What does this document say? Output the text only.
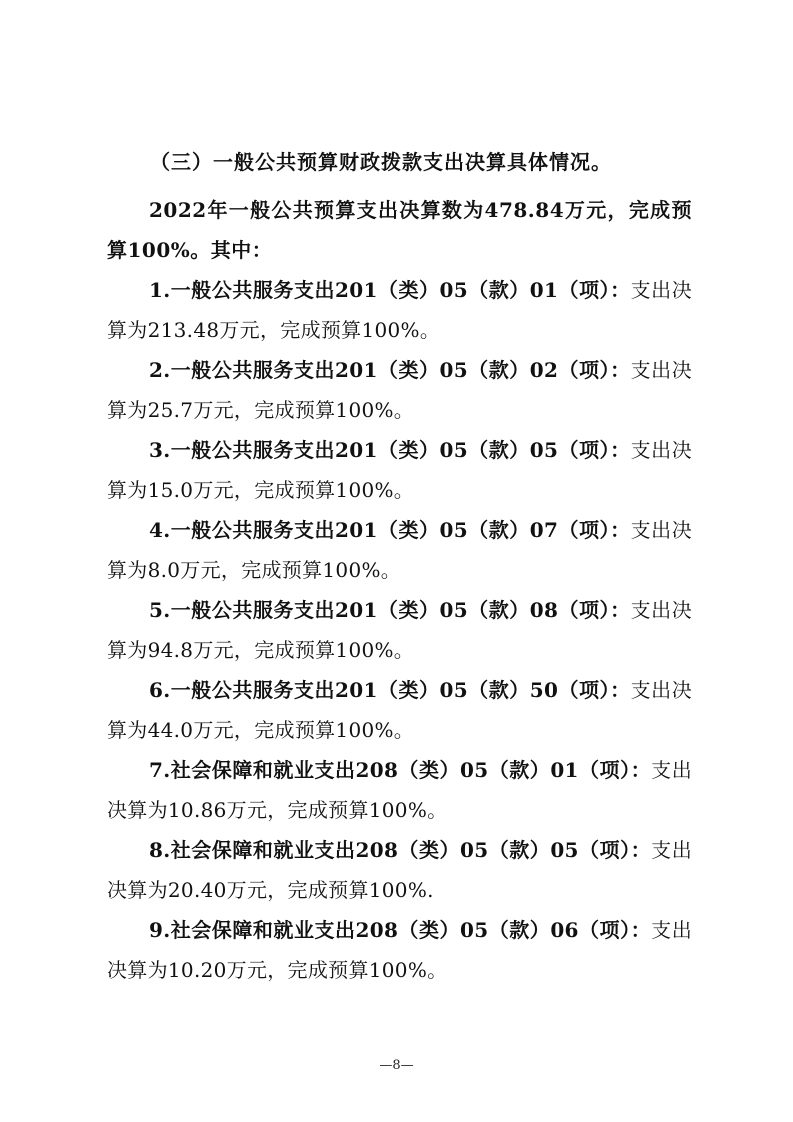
（三）一般公共预算财政拨款支出决算具体情况。
2022年一般公共预算支出决算数为478.84万元，完成预算100%。其中：
1.一般公共服务支出201（类）05（款）01（项）：支出决算为213.48万元，完成预算100%。
2.一般公共服务支出201（类）05（款）02（项）：支出决算为25.7万元，完成预算100%。
3.一般公共服务支出201（类）05（款）05（项）：支出决算为15.0万元，完成预算100%。
4.一般公共服务支出201（类）05（款）07（项）：支出决算为8.0万元，完成预算100%。
5.一般公共服务支出201（类）05（款）08（项）：支出决算为94.8万元，完成预算100%。
6.一般公共服务支出201（类）05（款）50（项）：支出决算为44.0万元，完成预算100%。
7.社会保障和就业支出208（类）05（款）01（项）：支出决算为10.86万元，完成预算100%。
8.社会保障和就业支出208（类）05（款）05（项）：支出决算为20.40万元，完成预算100%.
9.社会保障和就业支出208（类）05（款）06（项）：支出决算为10.20万元，完成预算100%。
—8—
